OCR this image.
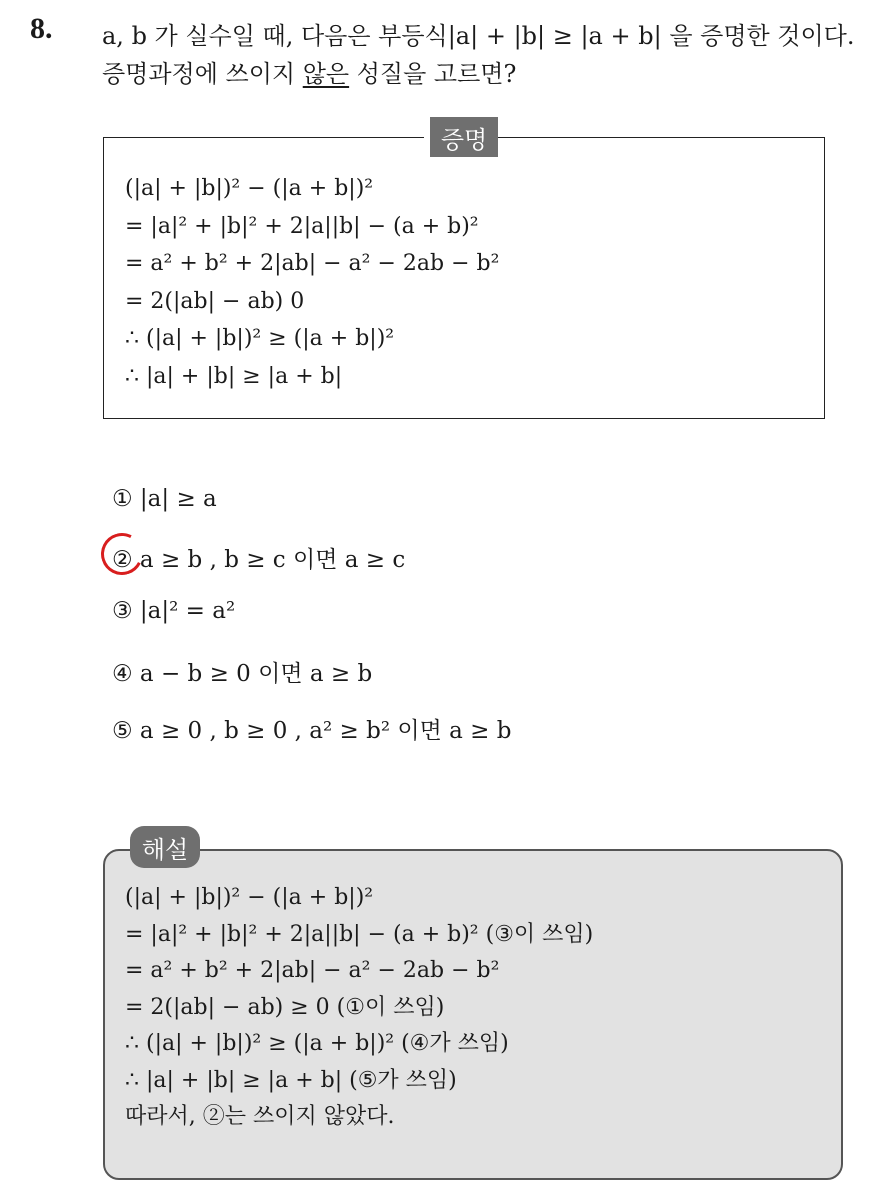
8. a, b 가 실수일 때, 다음은 부등식|a| + |b| ≥ |a + b| 을 증명한 것이다.
증명과정에 쓰이지 않은 성질을 고르면?
증명
(|a| + |b|)² − (|a + b|)²
= |a|² + |b|² + 2|a||b| − (a + b)²
= a² + b² + 2|ab| − a² − 2ab − b²
= 2(|ab| − ab) 0
∴ (|a| + |b|)² ≥ (|a + b|)²
∴ |a| + |b| ≥ |a + b|
① |a| ≥ a
② a ≥ b , b ≥ c 이면 a ≥ c
③ |a|² = a²
④ a − b ≥ 0 이면 a ≥ b
⑤ a ≥ 0 , b ≥ 0 , a² ≥ b² 이면 a ≥ b
해설
(|a| + |b|)² − (|a + b|)²
= |a|² + |b|² + 2|a||b| − (a + b)² (③이 쓰임)
= a² + b² + 2|ab| − a² − 2ab − b²
= 2(|ab| − ab) ≥ 0 (①이 쓰임)
∴ (|a| + |b|)² ≥ (|a + b|)² (④가 쓰임)
∴ |a| + |b| ≥ |a + b| (⑤가 쓰임)
따라서, ②는 쓰이지 않았다.
